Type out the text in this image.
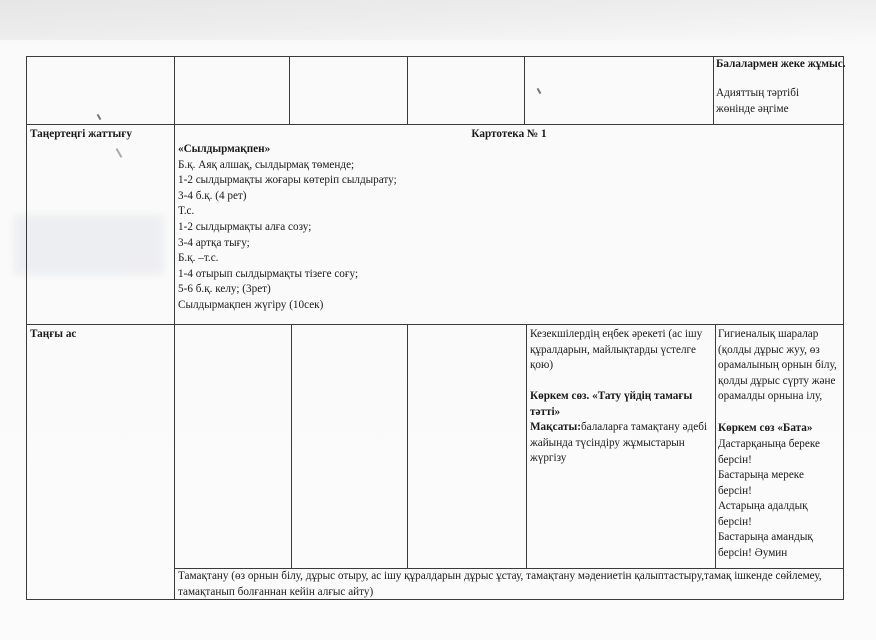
Балалармен жеке жұмыс.
Адияттың тәртібі жөнінде әңгіме
Таңертеңгі жаттығу	Картотека № 1
«Сылдырмақпен»
Б.қ. Аяқ алшақ, сылдырмақ төменде;
1-2 сылдырмақты жоғары көтеріп сылдырату;
3-4 б.қ. (4 рет)
Т.с.
1-2 сылдырмақты алға созу;
3-4 артқа тығу;
Б.қ. –т.с.
1-4 отырып сылдырмақты тізеге соғу;
5-6 б.қ. келу; (3рет)
Сылдырмақпен жүгіру (10сек)
Таңғы ас	Кезекшілердің еңбек әрекеті (ас ішу құралдарын, майлықтарды үстелге қою)
Көркем сөз. «Тату үйдің тамағы тәтті»
Мақсаты:балаларға тамақтану әдебі жайында түсіндіру жұмыстарын жүргізу
Гигиеналық шаралар (қолды дұрыс жуу, өз орамалының орнын білу, қолды дұрыс сүрту және орамалды орнына ілу,
Көркем сөз «Бата»
Дастарқаныңа береке берсін!
Бастарыңа мереке берсін!
Астарыңа адалдық берсін!
Бастарыңа амандық берсін! Әумин
Тамақтану (өз орнын білу, дұрыс отыру, ас ішу құралдарын дұрыс ұстау, тамақтану мәдениетін қалыптастыру,тамақ ішкенде сөйлемеу, тамақтанып болғаннан кейін алғыс айту)
